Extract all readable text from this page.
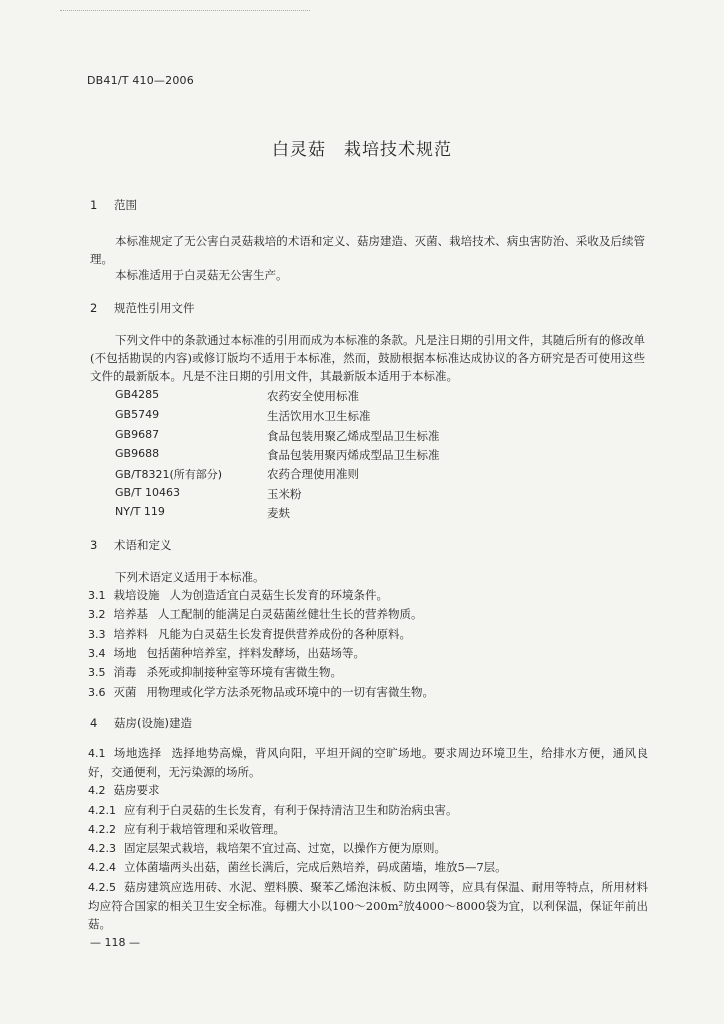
DB41/T 410—2006
白灵菇　栽培技术规范
1 范围
本标准规定了无公害白灵菇栽培的术语和定义、菇房建造、灭菌、栽培技术、病虫害防治、采收及后续管理。
本标准适用于白灵菇无公害生产。
2 规范性引用文件
下列文件中的条款通过本标准的引用而成为本标准的条款。凡是注日期的引用文件，其随后所有的修改单(不包括勘误的内容)或修订版均不适用于本标准，然而，鼓励根据本标准达成协议的各方研究是否可使用这些文件的最新版本。凡是不注日期的引用文件，其最新版本适用于本标准。
GB4285	农药安全使用标准
GB5749	生活饮用水卫生标准
GB9687	食品包装用聚乙烯成型品卫生标准
GB9688	食品包装用聚丙烯成型品卫生标准
GB/T8321(所有部分)	农药合理使用准则
GB/T 10463	玉米粉
NY/T 119	麦麸
3 术语和定义
下列术语定义适用于本标准。
3.1 栽培设施 人为创造适宜白灵菇生长发育的环境条件。
3.2 培养基 人工配制的能满足白灵菇菌丝健壮生长的营养物质。
3.3 培养料 凡能为白灵菇生长发育提供营养成份的各种原料。
3.4 场地 包括菌种培养室，拌料发酵场，出菇场等。
3.5 消毒 杀死或抑制接种室等环境有害微生物。
3.6 灭菌 用物理或化学方法杀死物品或环境中的一切有害微生物。
4 菇房(设施)建造
4.1 场地选择 选择地势高燥，背风向阳，平坦开阔的空旷场地。要求周边环境卫生，给排水方便，通风良好，交通便利，无污染源的场所。
4.2 菇房要求
4.2.1 应有利于白灵菇的生长发育，有利于保持清洁卫生和防治病虫害。
4.2.2 应有利于栽培管理和采收管理。
4.2.3 固定层架式栽培，栽培架不宜过高、过宽，以操作方便为原则。
4.2.4 立体菌墙两头出菇，菌丝长满后，完成后熟培养，码成菌墙，堆放5—7层。
4.2.5 菇房建筑应选用砖、水泥、塑料膜、聚苯乙烯泡沫板、防虫网等，应具有保温、耐用等特点，所用材料均应符合国家的相关卫生安全标准。每棚大小以100～200m²放4000～8000袋为宜，以利保温，保证年前出菇。
— 118 —
